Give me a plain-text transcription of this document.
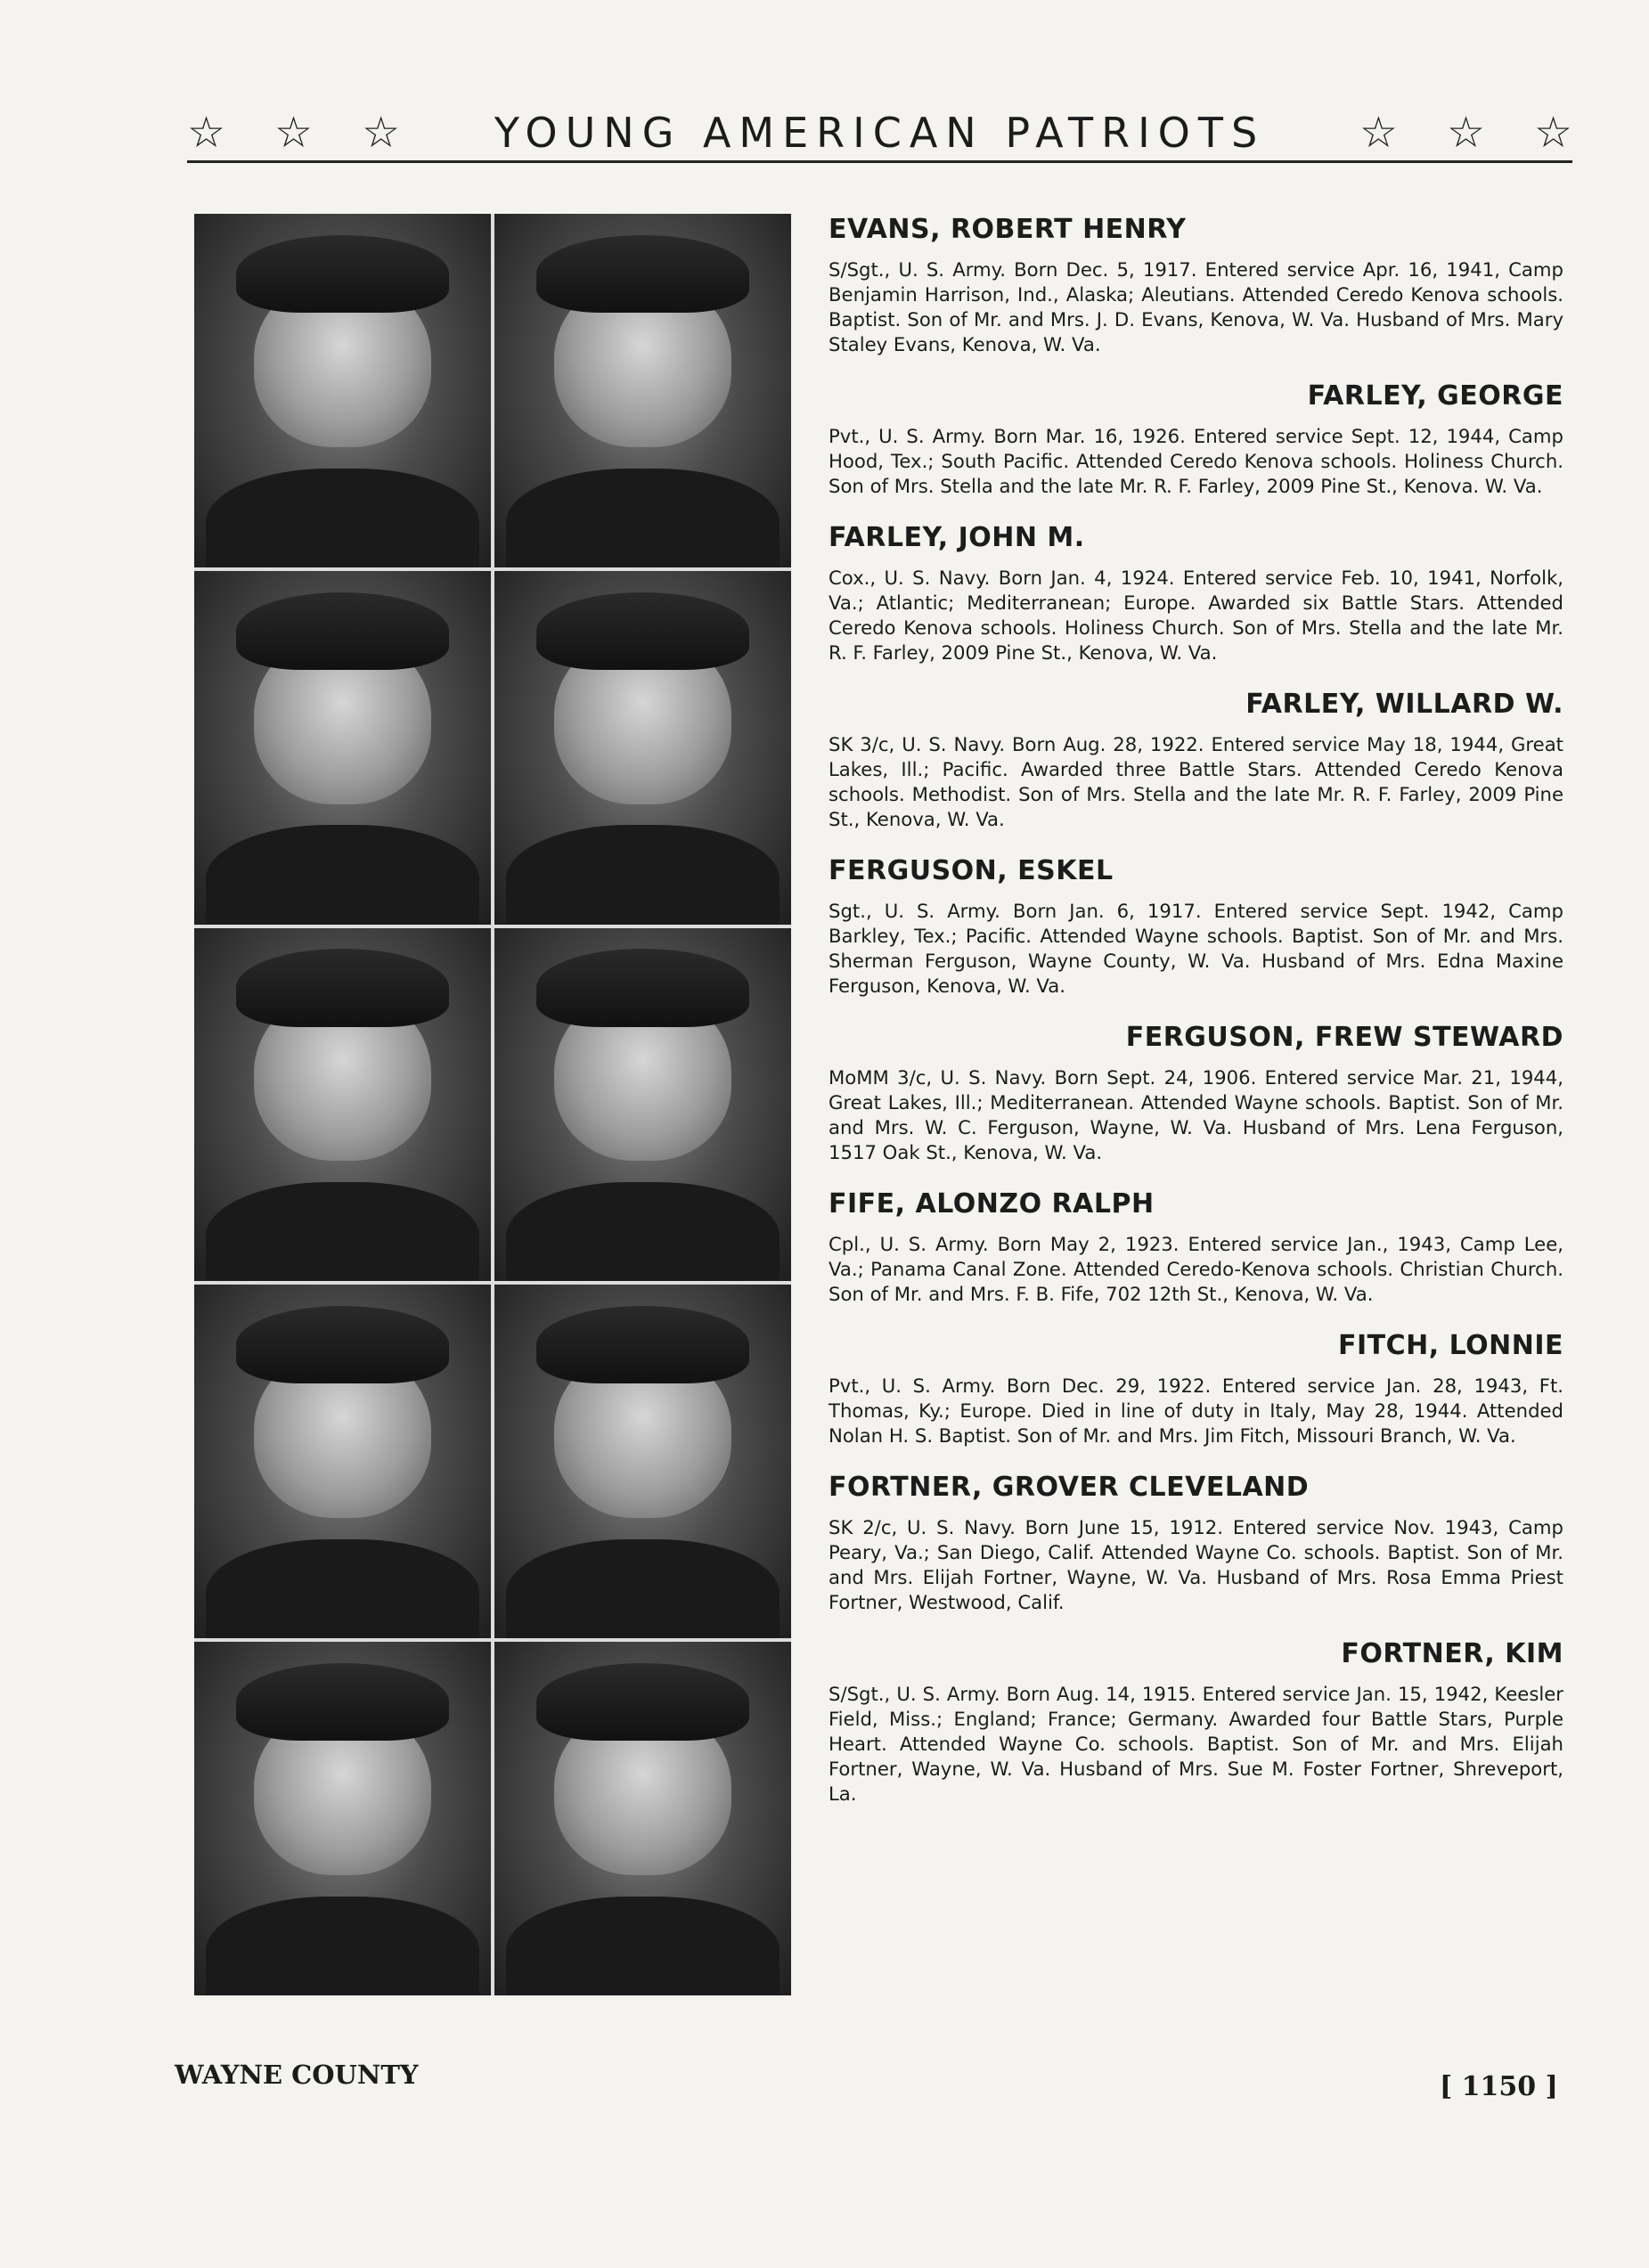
☆ ☆ ☆ YOUNG AMERICAN PATRIOTS ☆ ☆ ☆
EVANS, ROBERT HENRY

S/Sgt., U. S. Army. Born Dec. 5, 1917. Entered service Apr. 16, 1941, Camp Benjamin Harrison, Ind., Alaska; Aleutians. Attended Ceredo Kenova schools. Baptist. Son of Mr. and Mrs. J. D. Evans, Kenova, W. Va. Husband of Mrs. Mary Staley Evans, Kenova, W. Va.

FARLEY, GEORGE

Pvt., U. S. Army. Born Mar. 16, 1926. Entered service Sept. 12, 1944, Camp Hood, Tex.; South Pacific. Attended Ceredo Kenova schools. Holiness Church. Son of Mrs. Stella and the late Mr. R. F. Farley, 2009 Pine St., Kenova. W. Va.

FARLEY, JOHN M.

Cox., U. S. Navy. Born Jan. 4, 1924. Entered service Feb. 10, 1941, Norfolk, Va.; Atlantic; Mediterranean; Europe. Awarded six Battle Stars. Attended Ceredo Kenova schools. Holiness Church. Son of Mrs. Stella and the late Mr. R. F. Farley, 2009 Pine St., Kenova, W. Va.

FARLEY, WILLARD W.

SK 3/c, U. S. Navy. Born Aug. 28, 1922. Entered service May 18, 1944, Great Lakes, Ill.; Pacific. Awarded three Battle Stars. Attended Ceredo Kenova schools. Methodist. Son of Mrs. Stella and the late Mr. R. F. Farley, 2009 Pine St., Kenova, W. Va.

FERGUSON, ESKEL

Sgt., U. S. Army. Born Jan. 6, 1917. Entered service Sept. 1942, Camp Barkley, Tex.; Pacific. Attended Wayne schools. Baptist. Son of Mr. and Mrs. Sherman Ferguson, Wayne County, W. Va. Husband of Mrs. Edna Maxine Ferguson, Kenova, W. Va.

FERGUSON, FREW STEWARD

MoMM 3/c, U. S. Navy. Born Sept. 24, 1906. Entered service Mar. 21, 1944, Great Lakes, Ill.; Mediterranean. Attended Wayne schools. Baptist. Son of Mr. and Mrs. W. C. Ferguson, Wayne, W. Va. Husband of Mrs. Lena Ferguson, 1517 Oak St., Kenova, W. Va.

FIFE, ALONZO RALPH

Cpl., U. S. Army. Born May 2, 1923. Entered service Jan., 1943, Camp Lee, Va.; Panama Canal Zone. Attended Ceredo-Kenova schools. Christian Church. Son of Mr. and Mrs. F. B. Fife, 702 12th St., Kenova, W. Va.

FITCH, LONNIE

Pvt., U. S. Army. Born Dec. 29, 1922. Entered service Jan. 28, 1943, Ft. Thomas, Ky.; Europe. Died in line of duty in Italy, May 28, 1944. Attended Nolan H. S. Baptist. Son of Mr. and Mrs. Jim Fitch, Missouri Branch, W. Va.

FORTNER, GROVER CLEVELAND

SK 2/c, U. S. Navy. Born June 15, 1912. Entered service Nov. 1943, Camp Peary, Va.; San Diego, Calif. Attended Wayne Co. schools. Baptist. Son of Mr. and Mrs. Elijah Fortner, Wayne, W. Va. Husband of Mrs. Rosa Emma Priest Fortner, Westwood, Calif.

FORTNER, KIM

S/Sgt., U. S. Army. Born Aug. 14, 1915. Entered service Jan. 15, 1942, Keesler Field, Miss.; England; France; Germany. Awarded four Battle Stars, Purple Heart. Attended Wayne Co. schools. Baptist. Son of Mr. and Mrs. Elijah Fortner, Wayne, W. Va. Husband of Mrs. Sue M. Foster Fortner, Shreveport, La.

WAYNE COUNTY	[ 1150 ]
